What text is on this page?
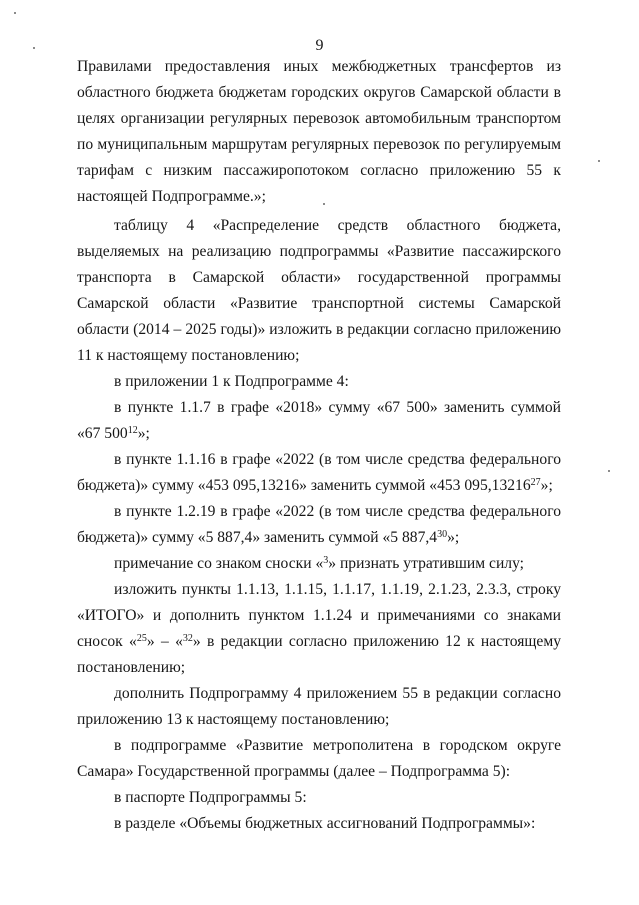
9

Правилами предоставления иных межбюджетных трансфертов из областного бюджета бюджетам городских округов Самарской области в целях организации регулярных перевозок автомобильным транспортом по муниципальным маршрутам регулярных перевозок по регулируемым тарифам с низким пассажиропотоком согласно приложению 55 к настоящей Подпрограмме.»;

таблицу 4 «Распределение средств областного бюджета, выделяемых на реализацию подпрограммы «Развитие пассажирского транспорта в Самарской области» государственной программы Самарской области «Развитие транспортной системы Самарской области (2014 – 2025 годы)» изложить в редакции согласно приложению 11 к настоящему постановлению;

в приложении 1 к Подпрограмме 4:

в пункте 1.1.7 в графе «2018» сумму «67 500» заменить суммой «67 $500^{12}$»;

в пункте 1.1.16 в графе «2022 (в том числе средства федерального бюджета)» сумму «453 095,13216» заменить суммой «453 095,13216$^{27}$»;

в пункте 1.2.19 в графе «2022 (в том числе средства федерального бюджета)» сумму «5 887,4» заменить суммой «5 887,4$^{30}$»;

примечание со знаком сноски «$^3$» признать утратившим силу;

изложить пункты 1.1.13, 1.1.15, 1.1.17, 1.1.19, 2.1.23, 2.3.3, строку «ИТОГО» и дополнить пунктом 1.1.24 и примечаниями со знаками сносок «$^{25}$» – «$^{32}$» в редакции согласно приложению 12 к настоящему постановлению;

дополнить Подпрограмму 4 приложением 55 в редакции согласно приложению 13 к настоящему постановлению;

в подпрограмме «Развитие метрополитена в городском округе Самара» Государственной программы (далее – Подпрограмма 5):

в паспорте Подпрограммы 5:

в разделе «Объемы бюджетных ассигнований Подпрограммы»:
